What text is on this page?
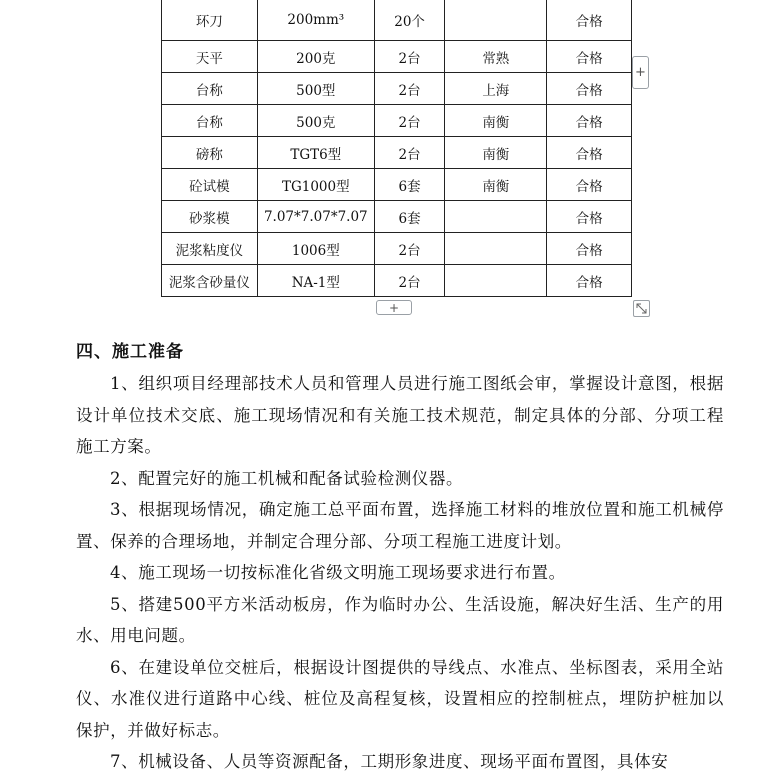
环刀	200mm³	20个		合格
天平	200克	2台	常熟	合格
台称	500型	2台	上海	合格
台称	500克	2台	南衡	合格
磅称	TGT6型	2台	南衡	合格
砼试模	TG1000型	6套	南衡	合格
砂浆模	7.07*7.07*7.07	6套		合格
泥浆粘度仪	1006型	2台		合格
泥浆含砂量仪	NA-1型	2台		合格
+
+
四、施工准备

1、组织项目经理部技术人员和管理人员进行施工图纸会审，掌握设计意图，根据设计单位技术交底、施工现场情况和有关施工技术规范，制定具体的分部、分项工程施工方案。

2、配置完好的施工机械和配备试验检测仪器。

3、根据现场情况，确定施工总平面布置，选择施工材料的堆放位置和施工机械停置、保养的合理场地，并制定合理分部、分项工程施工进度计划。

4、施工现场一切按标准化省级文明施工现场要求进行布置。

5、搭建500平方米活动板房，作为临时办公、生活设施，解决好生活、生产的用水、用电问题。

6、在建设单位交桩后，根据设计图提供的导线点、水准点、坐标图表，采用全站仪、水准仪进行道路中心线、桩位及高程复核，设置相应的控制桩点，埋防护桩加以保护，并做好标志。

7、机械设备、人员等资源配备，工期形象进度、现场平面布置图，具体安
